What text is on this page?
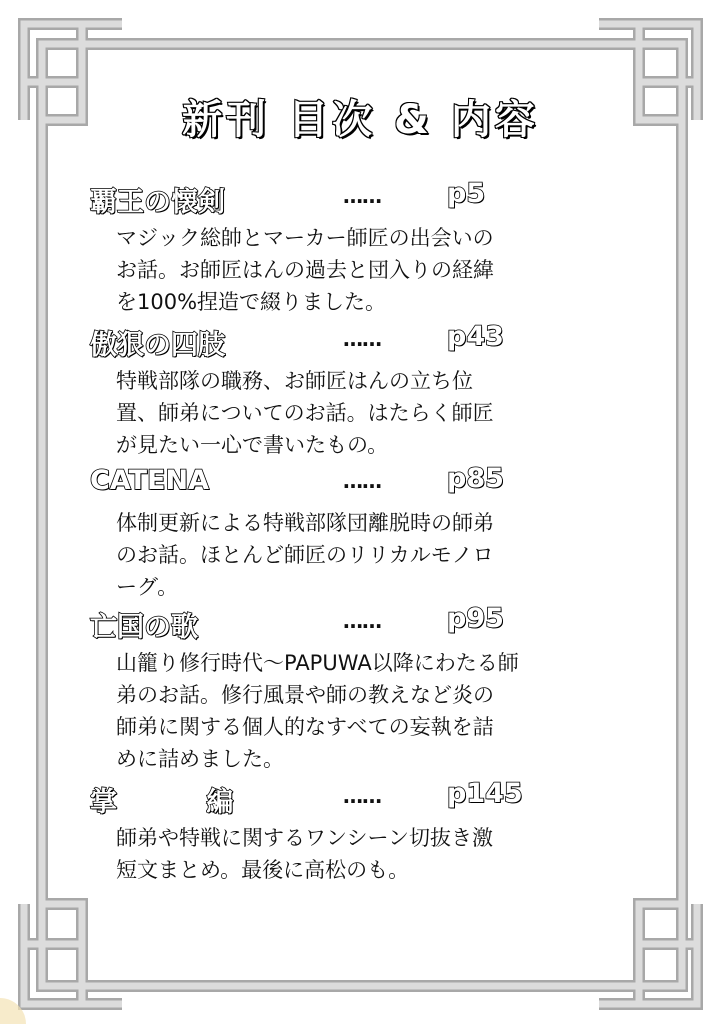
新刊 目次 & 内容
覇王の懐剣	…… p5
マジック総帥とマーカー師匠の出会いの
お話。お師匠はんの過去と団入りの経緯
を100%捏造で綴りました。
傲狠の四肢	…… p43
特戦部隊の職務、お師匠はんの立ち位
置、師弟についてのお話。はたらく師匠
が見たい一心で書いたもの。
CATENA	…… p85
体制更新による特戦部隊団離脱時の師弟
のお話。ほとんど師匠のリリカルモノロ
ーグ。
亡国の歌	…… p95
山籠り修行時代〜PAPUWA以降にわたる師
弟のお話。修行風景や師の教えなど炎の
師弟に関する個人的なすべての妄執を詰
めに詰めました。
掌 編	…… p145
師弟や特戦に関するワンシーン切抜き激
短文まとめ。最後に高松のも。
